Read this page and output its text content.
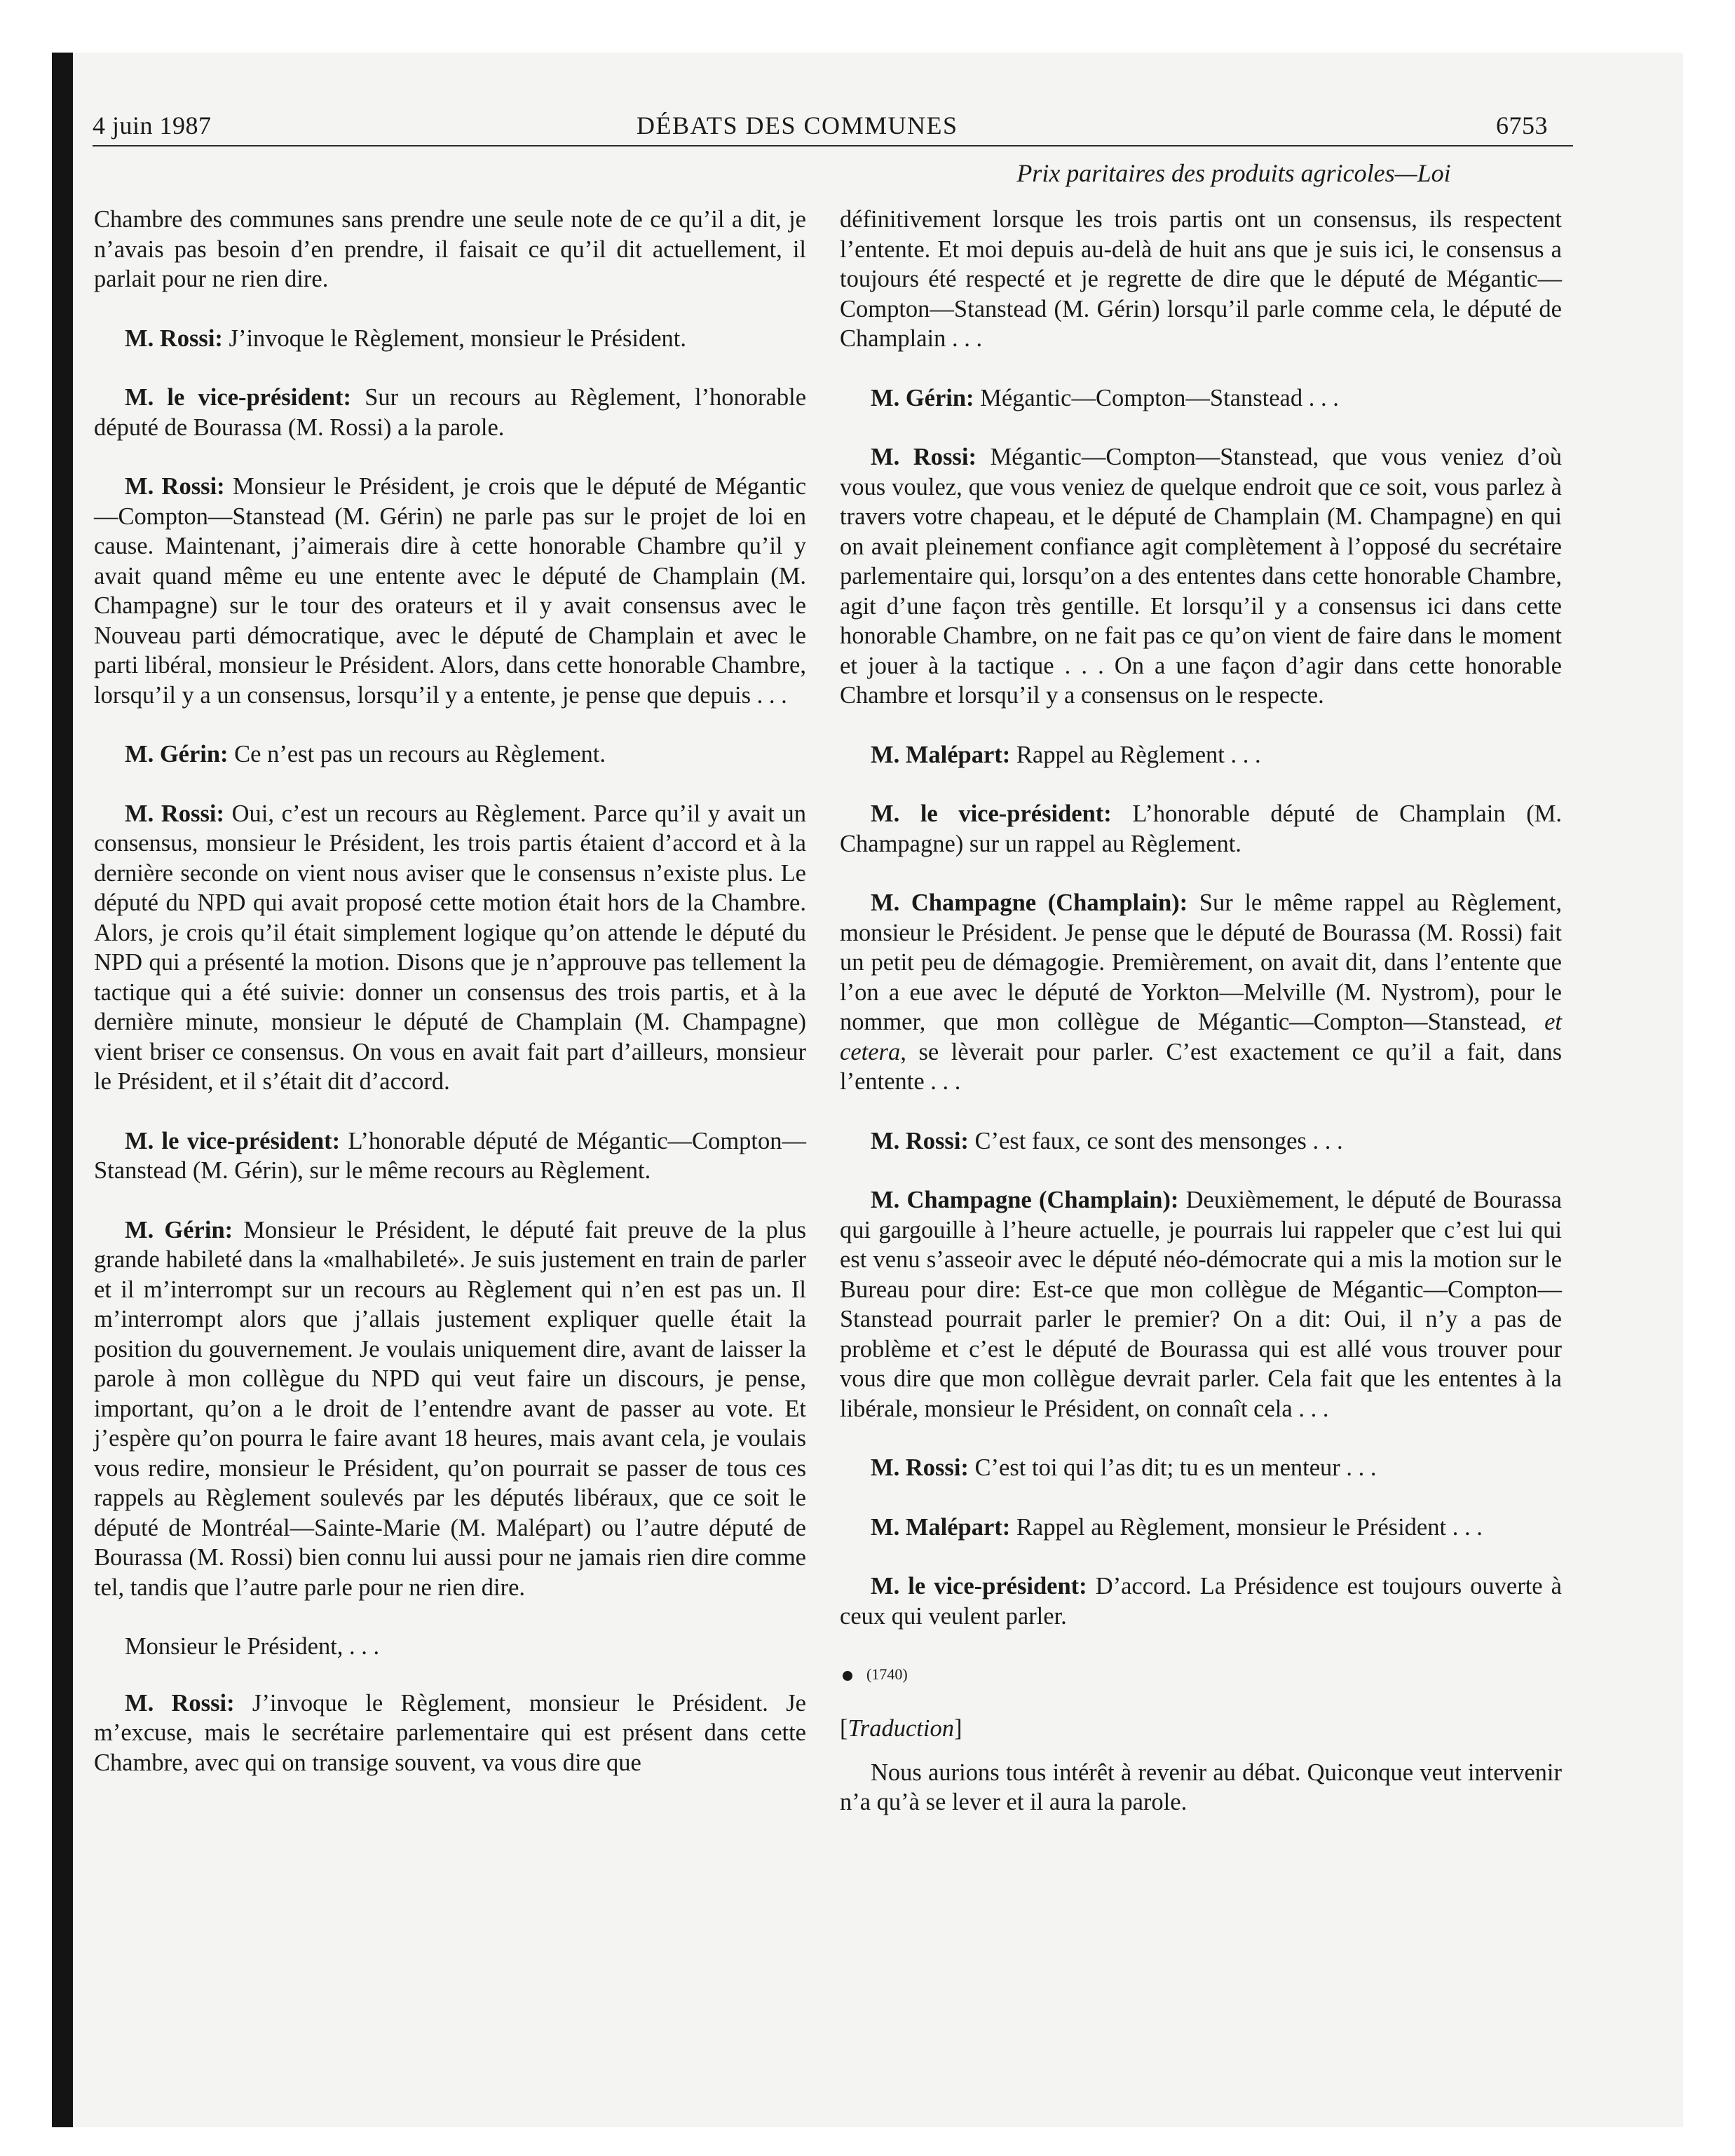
4 juin 1987	DÉBATS DES COMMUNES	6753
Prix paritaires des produits agricoles—Loi

Chambre des communes sans prendre une seule note de ce qu’il a dit, je n’avais pas besoin d’en prendre, il faisait ce qu’il dit actuellement, il parlait pour ne rien dire.

M. Rossi: J’invoque le Règlement, monsieur le Président.

M. le vice-président: Sur un recours au Règlement, l’honorable député de Bourassa (M. Rossi) a la parole.

M. Rossi: Monsieur le Président, je crois que le député de Mégantic—Compton—Stanstead (M. Gérin) ne parle pas sur le projet de loi en cause. Maintenant, j’aimerais dire à cette honorable Chambre qu’il y avait quand même eu une entente avec le député de Champlain (M. Champagne) sur le tour des orateurs et il y avait consensus avec le Nouveau parti démocratique, avec le député de Champlain et avec le parti libéral, monsieur le Président. Alors, dans cette honorable Chambre, lorsqu’il y a un consensus, lorsqu’il y a entente, je pense que depuis . . .

M. Gérin: Ce n’est pas un recours au Règlement.

M. Rossi: Oui, c’est un recours au Règlement. Parce qu’il y avait un consensus, monsieur le Président, les trois partis étaient d’accord et à la dernière seconde on vient nous aviser que le consensus n’existe plus. Le député du NPD qui avait proposé cette motion était hors de la Chambre. Alors, je crois qu’il était simplement logique qu’on attende le député du NPD qui a présenté la motion. Disons que je n’approuve pas tellement la tactique qui a été suivie: donner un consensus des trois partis, et à la dernière minute, monsieur le député de Champlain (M. Champagne) vient briser ce consensus. On vous en avait fait part d’ailleurs, monsieur le Président, et il s’était dit d’accord.

M. le vice-président: L’honorable député de Mégantic—Compton—Stanstead (M. Gérin), sur le même recours au Règlement.

M. Gérin: Monsieur le Président, le député fait preuve de la plus grande habileté dans la «malhabileté». Je suis justement en train de parler et il m’interrompt sur un recours au Règlement qui n’en est pas un. Il m’interrompt alors que j’allais justement expliquer quelle était la position du gouvernement. Je voulais uniquement dire, avant de laisser la parole à mon collègue du NPD qui veut faire un discours, je pense, important, qu’on a le droit de l’entendre avant de passer au vote. Et j’espère qu’on pourra le faire avant 18 heures, mais avant cela, je voulais vous redire, monsieur le Président, qu’on pourrait se passer de tous ces rappels au Règlement soulevés par les députés libéraux, que ce soit le député de Montréal—Sainte-Marie (M. Malépart) ou l’autre député de Bourassa (M. Rossi) bien connu lui aussi pour ne jamais rien dire comme tel, tandis que l’autre parle pour ne rien dire.

Monsieur le Président, . . .

M. Rossi: J’invoque le Règlement, monsieur le Président. Je m’excuse, mais le secrétaire parlementaire qui est présent dans cette Chambre, avec qui on transige souvent, va vous dire que

définitivement lorsque les trois partis ont un consensus, ils respectent l’entente. Et moi depuis au-delà de huit ans que je suis ici, le consensus a toujours été respecté et je regrette de dire que le député de Mégantic—Compton—Stanstead (M. Gérin) lorsqu’il parle comme cela, le député de Champlain . . .

M. Gérin: Mégantic—Compton—Stanstead . . .

M. Rossi: Mégantic—Compton—Stanstead, que vous veniez d’où vous voulez, que vous veniez de quelque endroit que ce soit, vous parlez à travers votre chapeau, et le député de Champlain (M. Champagne) en qui on avait pleinement confiance agit complètement à l’opposé du secrétaire parlementaire qui, lorsqu’on a des ententes dans cette honorable Chambre, agit d’une façon très gentille. Et lorsqu’il y a consensus ici dans cette honorable Chambre, on ne fait pas ce qu’on vient de faire dans le moment et jouer à la tactique . . . On a une façon d’agir dans cette honorable Chambre et lorsqu’il y a consensus on le respecte.

M. Malépart: Rappel au Règlement . . .

M. le vice-président: L’honorable député de Champlain (M. Champagne) sur un rappel au Règlement.

M. Champagne (Champlain): Sur le même rappel au Règlement, monsieur le Président. Je pense que le député de Bourassa (M. Rossi) fait un petit peu de démagogie. Premièrement, on avait dit, dans l’entente que l’on a eue avec le député de Yorkton—Melville (M. Nystrom), pour le nommer, que mon collègue de Mégantic—Compton—Stanstead, et cetera, se lèverait pour parler. C’est exactement ce qu’il a fait, dans l’entente . . .

M. Rossi: C’est faux, ce sont des mensonges . . .

M. Champagne (Champlain): Deuxièmement, le député de Bourassa qui gargouille à l’heure actuelle, je pourrais lui rappeler que c’est lui qui est venu s’asseoir avec le député néo-démocrate qui a mis la motion sur le Bureau pour dire: Est-ce que mon collègue de Mégantic—Compton—Stanstead pourrait parler le premier? On a dit: Oui, il n’y a pas de problème et c’est le député de Bourassa qui est allé vous trouver pour vous dire que mon collègue devrait parler. Cela fait que les ententes à la libérale, monsieur le Président, on connaît cela . . .

M. Rossi: C’est toi qui l’as dit; tu es un menteur . . .

M. Malépart: Rappel au Règlement, monsieur le Président . . .

M. le vice-président: D’accord. La Présidence est toujours ouverte à ceux qui veulent parler.

(1740)

[Traduction]

Nous aurions tous intérêt à revenir au débat. Quiconque veut intervenir n’a qu’à se lever et il aura la parole.
